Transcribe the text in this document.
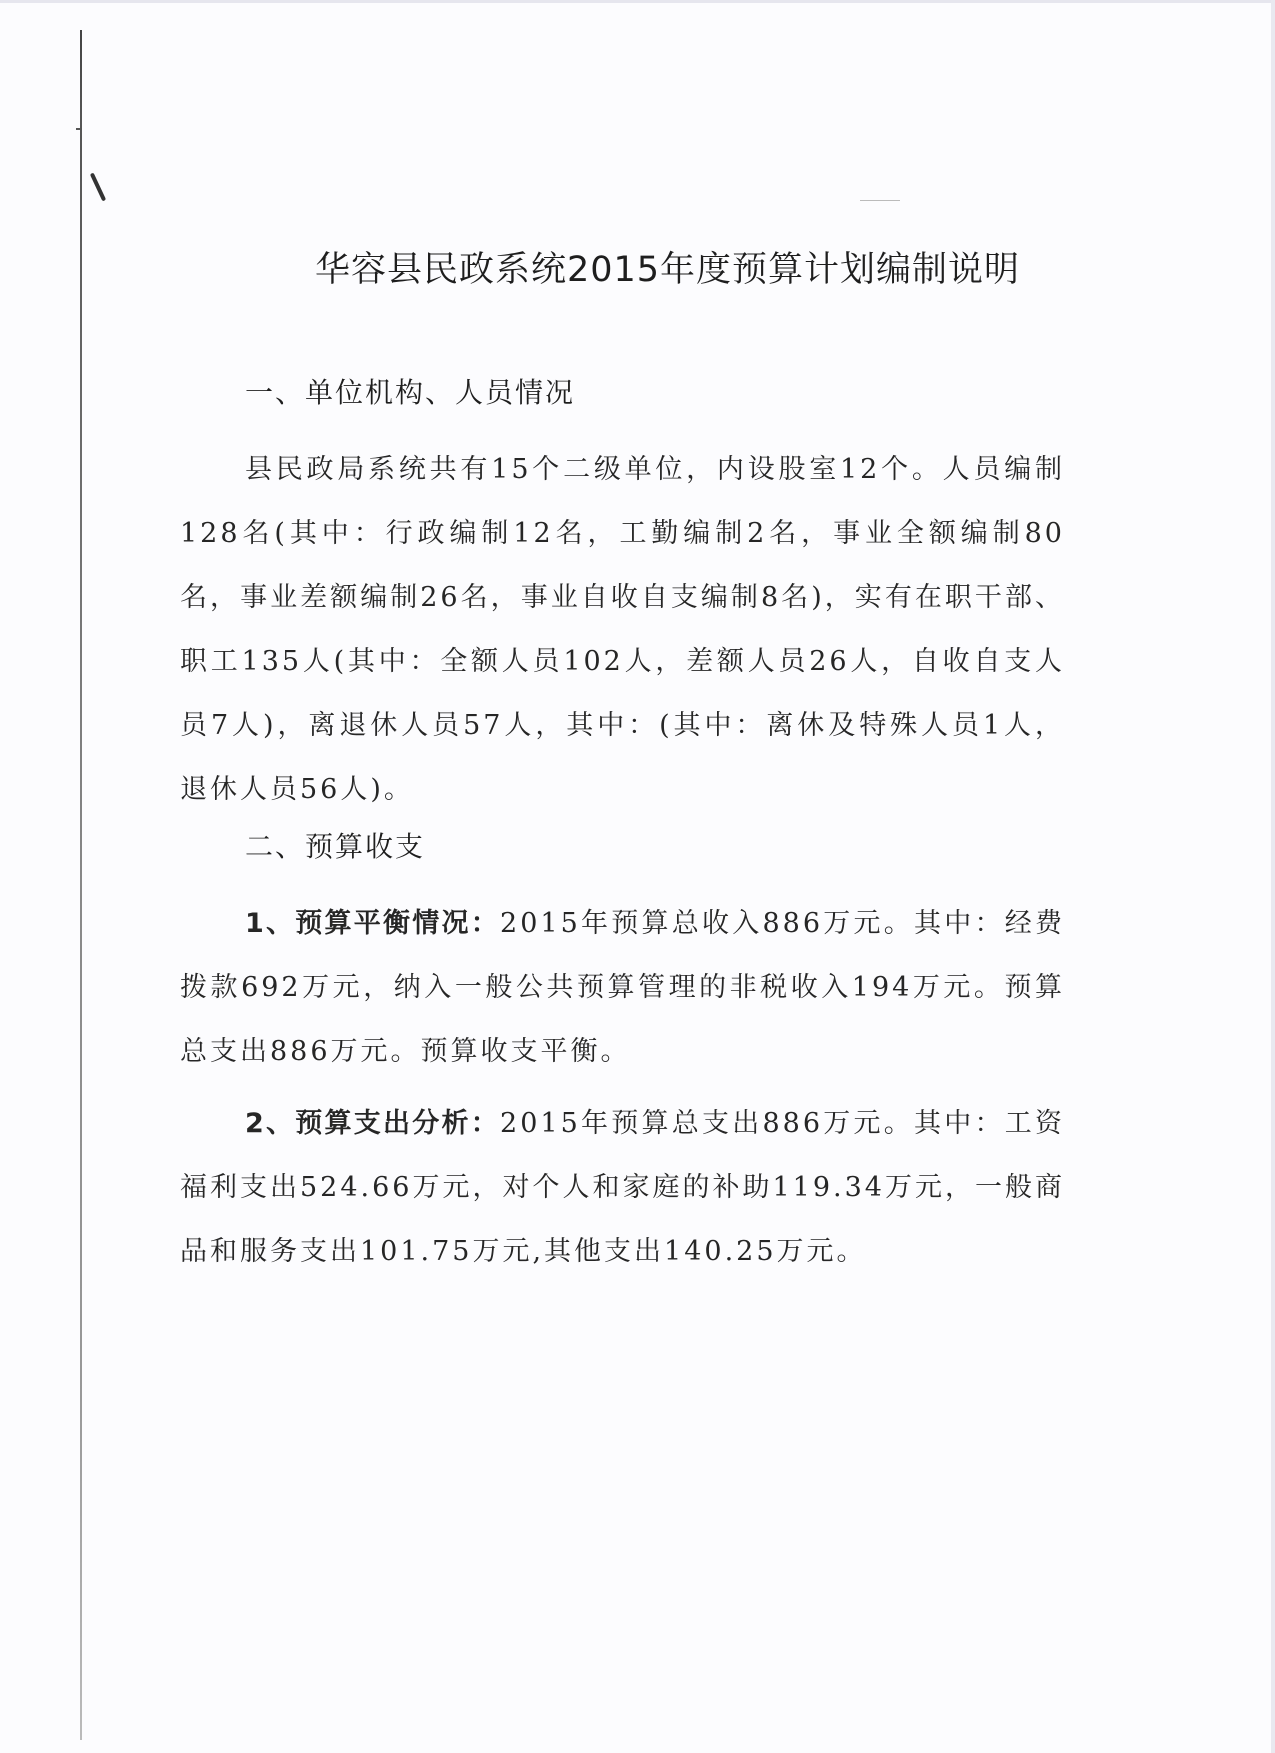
华容县民政系统2015年度预算计划编制说明
一、单位机构、人员情况

县民政局系统共有15个二级单位，内设股室12个。人员编制128名(其中：行政编制12名，工勤编制2名，事业全额编制80名，事业差额编制26名，事业自收自支编制8名)，实有在职干部、职工135人(其中：全额人员102人，差额人员26人，自收自支人员7人)，离退休人员57人，其中：(其中：离休及特殊人员1人，退休人员56人)。

二、预算收支

1、预算平衡情况：2015年预算总收入886万元。其中：经费拨款692万元，纳入一般公共预算管理的非税收入194万元。预算总支出886万元。预算收支平衡。

2、预算支出分析：2015年预算总支出886万元。其中：工资福利支出524.66万元，对个人和家庭的补助119.34万元，一般商品和服务支出101.75万元,其他支出140.25万元。
